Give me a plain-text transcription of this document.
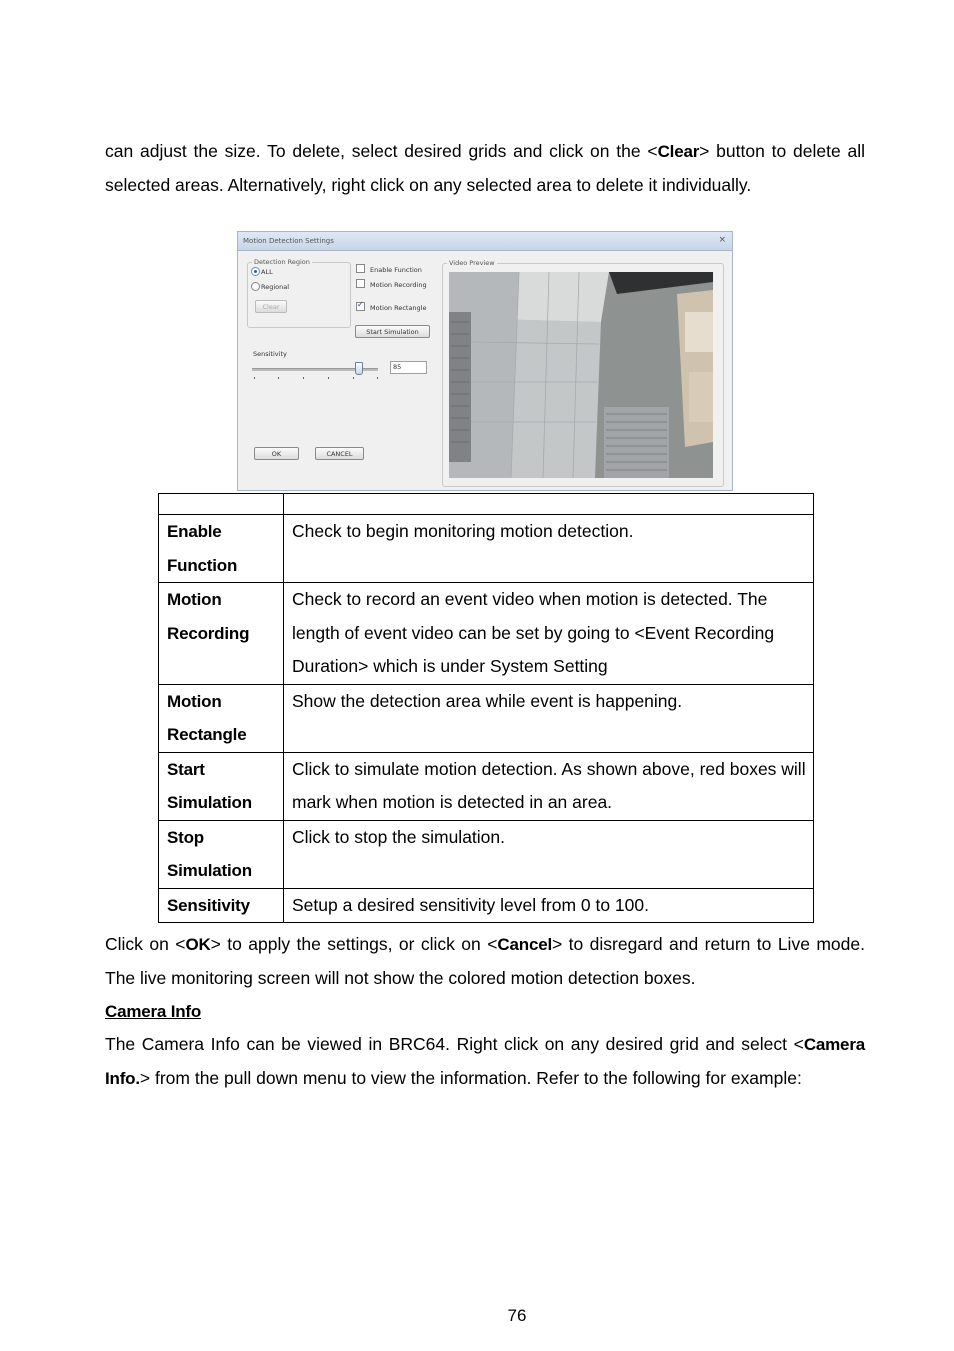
can adjust the size. To delete, select desired grids and click on the <Clear> button to delete all selected areas. Alternatively, right click on any selected area to delete it individually.

Motion Detection Settings	×
Detection Region
ALL
Regional
Clear
Enable Function
Motion Recording
✓
Motion Rectangle
Start Simulation
Sensitivity
85
OK	CANCEL
Video Preview

Enable Function	Check to begin monitoring motion detection.
Motion Recording	Check to record an event video when motion is detected. The length of event video can be set by going to <Event Recording Duration> which is under System Setting
Motion Rectangle	Show the detection area while event is happening.
Start Simulation	Click to simulate motion detection. As shown above, red boxes will mark when motion is detected in an area.
Stop Simulation	Click to stop the simulation.
Sensitivity	Setup a desired sensitivity level from 0 to 100.

Click on <OK> to apply the settings, or click on <Cancel> to disregard and return to Live mode. The live monitoring screen will not show the colored motion detection boxes.

Camera Info

The Camera Info can be viewed in BRC64. Right click on any desired grid and select <Camera Info.> from the pull down menu to view the information. Refer to the following for example:

76
